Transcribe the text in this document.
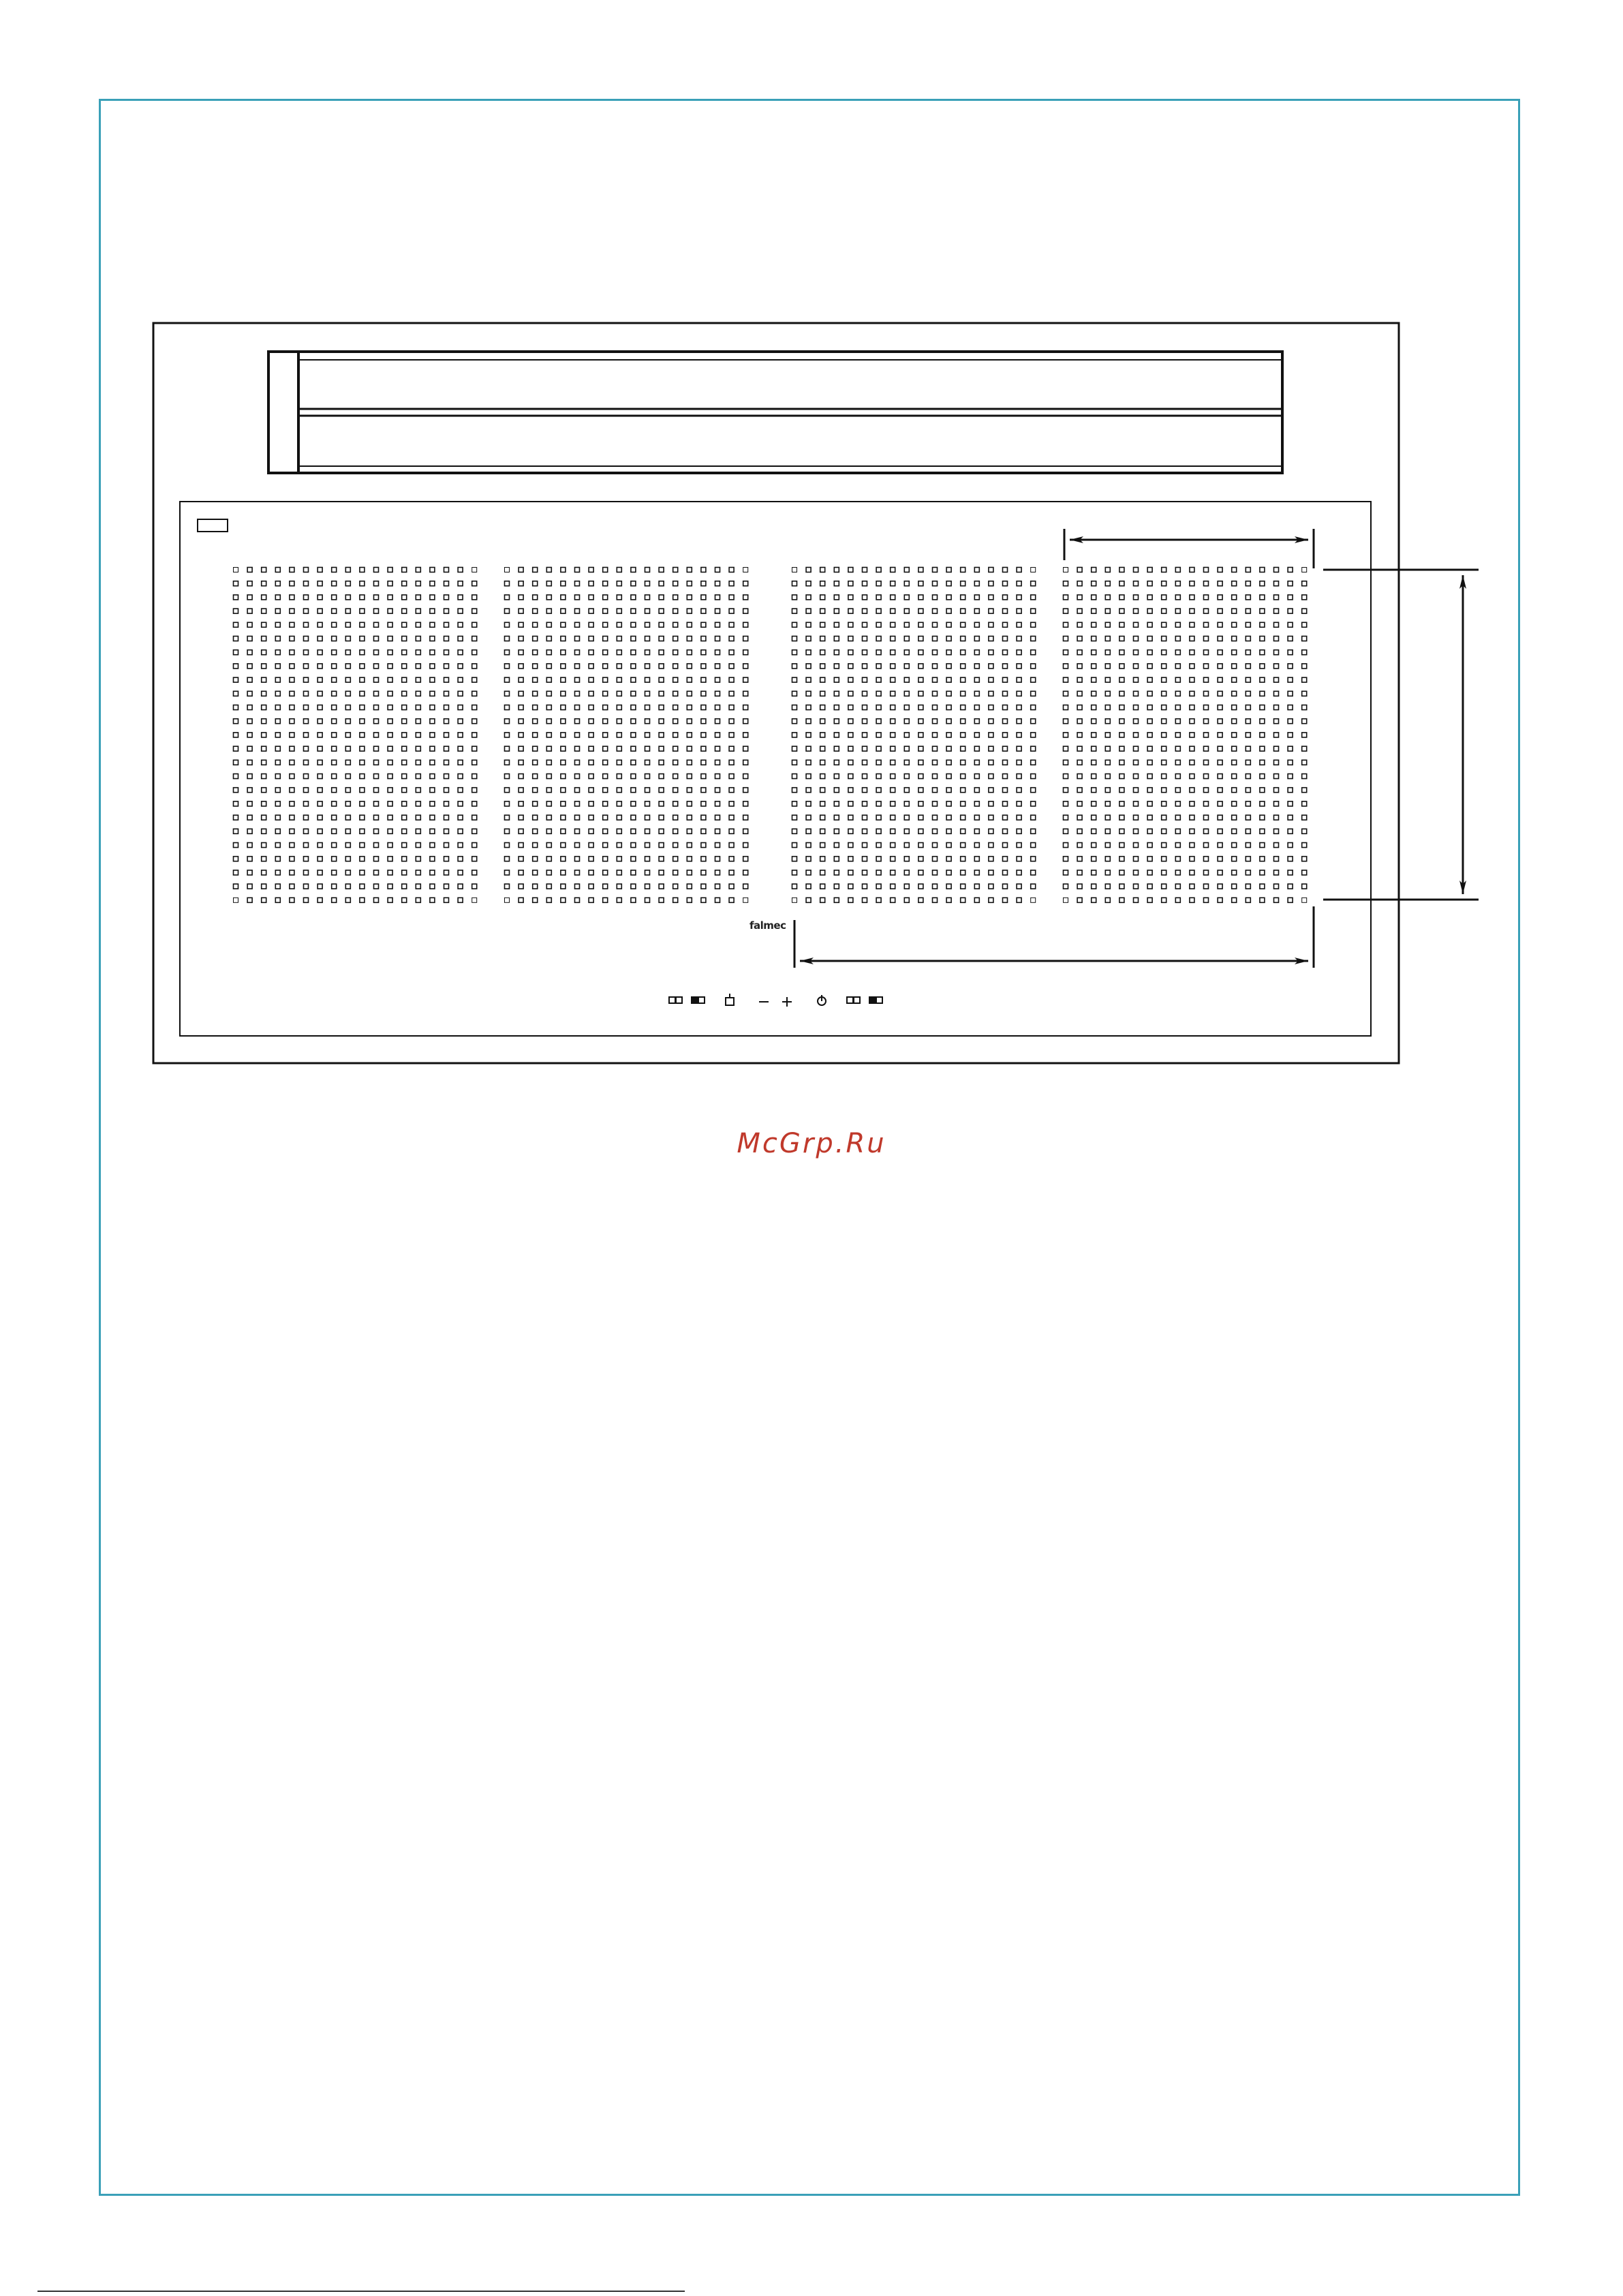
falmec
McGrp.Ru
